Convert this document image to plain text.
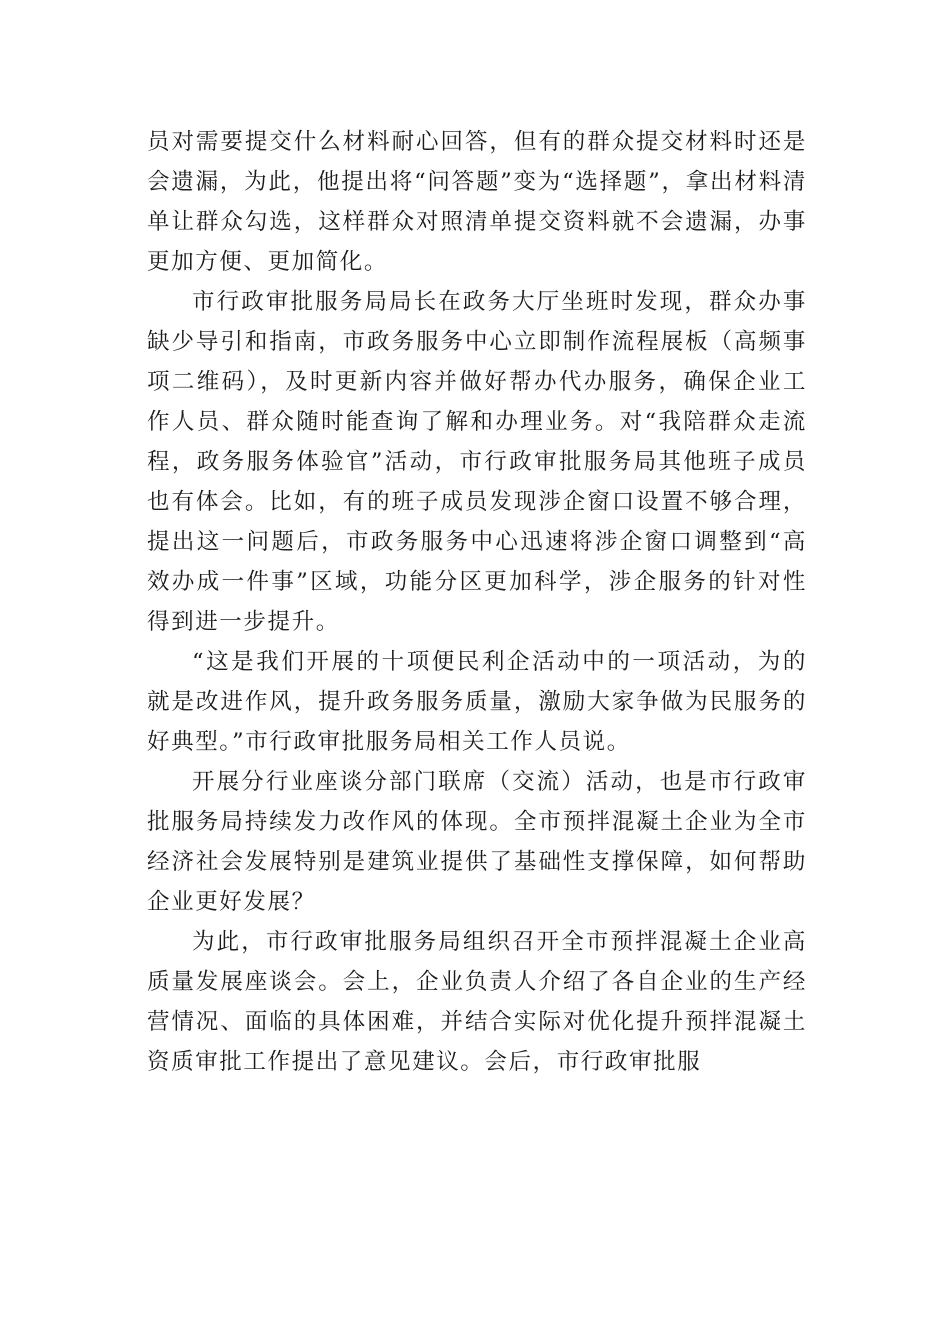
员对需要提交什么材料耐心回答，但有的群众提交材料时还是会遗漏，为此，他提出将“问答题”变为“选择题”，拿出材料清单让群众勾选，这样群众对照清单提交资料就不会遗漏，办事更加方便、更加简化。

市行政审批服务局局长在政务大厅坐班时发现，群众办事缺少导引和指南，市政务服务中心立即制作流程展板（高频事项二维码），及时更新内容并做好帮办代办服务，确保企业工作人员、群众随时能查询了解和办理业务。对“我陪群众走流程，政务服务体验官”活动，市行政审批服务局其他班子成员也有体会。比如，有的班子成员发现涉企窗口设置不够合理，提出这一问题后，市政务服务中心迅速将涉企窗口调整到“高效办成一件事”区域，功能分区更加科学，涉企服务的针对性得到进一步提升。

“这是我们开展的十项便民利企活动中的一项活动，为的就是改进作风，提升政务服务质量，激励大家争做为民服务的好典型。”市行政审批服务局相关工作人员说。

开展分行业座谈分部门联席（交流）活动，也是市行政审批服务局持续发力改作风的体现。全市预拌混凝土企业为全市经济社会发展特别是建筑业提供了基础性支撑保障，如何帮助企业更好发展？

为此，市行政审批服务局组织召开全市预拌混凝土企业高质量发展座谈会。会上，企业负责人介绍了各自企业的生产经营情况、面临的具体困难，并结合实际对优化提升预拌混凝土资质审批工作提出了意见建议。会后，市行政审批服
